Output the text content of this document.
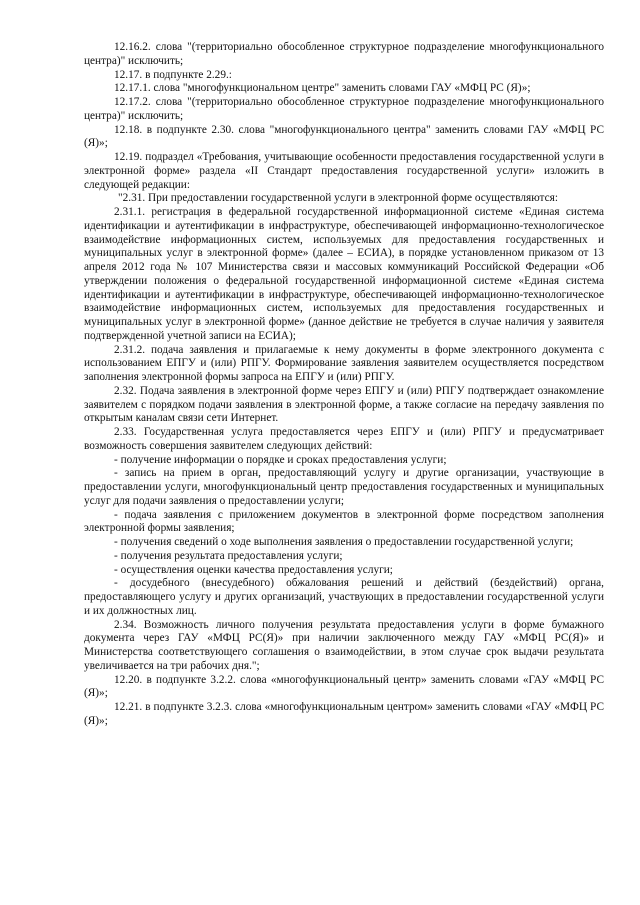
12.16.2. слова "(территориально обособленное структурное подразделение многофункционального центра)" исключить;

12.17. в подпункте 2.29.:

12.17.1. слова "многофункциональном центре" заменить словами ГАУ «МФЦ РС (Я)»;

12.17.2. слова "(территориально обособленное структурное подразделение многофункционального центра)" исключить;

12.18. в подпункте 2.30. слова "многофункционального центра" заменить словами ГАУ «МФЦ РС (Я)»;

12.19. подраздел «Требования, учитывающие особенности предоставления государственной услуги в электронной форме» раздела «II Стандарт предоставления государственной услуги» изложить в следующей редакции:

"2.31. При предоставлении государственной услуги в электронной форме осуществляются:

2.31.1. регистрация в федеральной государственной информационной системе «Единая система идентификации и аутентификации в инфраструктуре, обеспечивающей информационно-технологическое взаимодействие информационных систем, используемых для предоставления государственных и муниципальных услуг в электронной форме» (далее – ЕСИА), в порядке установленном приказом от 13 апреля 2012 года № 107 Министерства связи и массовых коммуникаций Российской Федерации «Об утверждении положения о федеральной государственной информационной системе «Единая система идентификации и аутентификации в инфраструктуре, обеспечивающей информационно-технологическое взаимодействие информационных систем, используемых для предоставления государственных и муниципальных услуг в электронной форме» (данное действие не требуется в случае наличия у заявителя подтвержденной учетной записи на ЕСИА);

2.31.2. подача заявления и прилагаемые к нему документы в форме электронного документа с использованием ЕПГУ и (или) РПГУ. Формирование заявления заявителем осуществляется посредством заполнения электронной формы запроса на ЕПГУ и (или) РПГУ.

2.32. Подача заявления в электронной форме через ЕПГУ и (или) РПГУ подтверждает ознакомление заявителем с порядком подачи заявления в электронной форме, а также согласие на передачу заявления по открытым каналам связи сети Интернет.

2.33. Государственная услуга предоставляется через ЕПГУ и (или) РПГУ и предусматривает возможность совершения заявителем следующих действий:

- получение информации о порядке и сроках предоставления услуги;

- запись на прием в орган, предоставляющий услугу и другие организации, участвующие в предоставлении услуги, многофункциональный центр предоставления государственных и муниципальных услуг для подачи заявления о предоставлении услуги;

- подача заявления с приложением документов в электронной форме посредством заполнения электронной формы заявления;

- получения сведений о ходе выполнения заявления о предоставлении государственной услуги;

- получения результата предоставления услуги;

- осуществления оценки качества предоставления услуги;

- досудебного (внесудебного) обжалования решений и действий (бездействий) органа, предоставляющего услугу и других организаций, участвующих в предоставлении государственной услуги и их должностных лиц.

2.34. Возможность личного получения результата предоставления услуги в форме бумажного документа через ГАУ «МФЦ РС(Я)» при наличии заключенного между ГАУ «МФЦ РС(Я)» и Министерства соответствующего соглашения о взаимодействии, в этом случае срок выдачи результата увеличивается на три рабочих дня.";

12.20. в подпункте 3.2.2. слова «многофункциональный центр» заменить словами «ГАУ «МФЦ РС (Я)»;

12.21. в подпункте 3.2.3. слова «многофункциональным центром» заменить словами «ГАУ «МФЦ РС (Я)»;
